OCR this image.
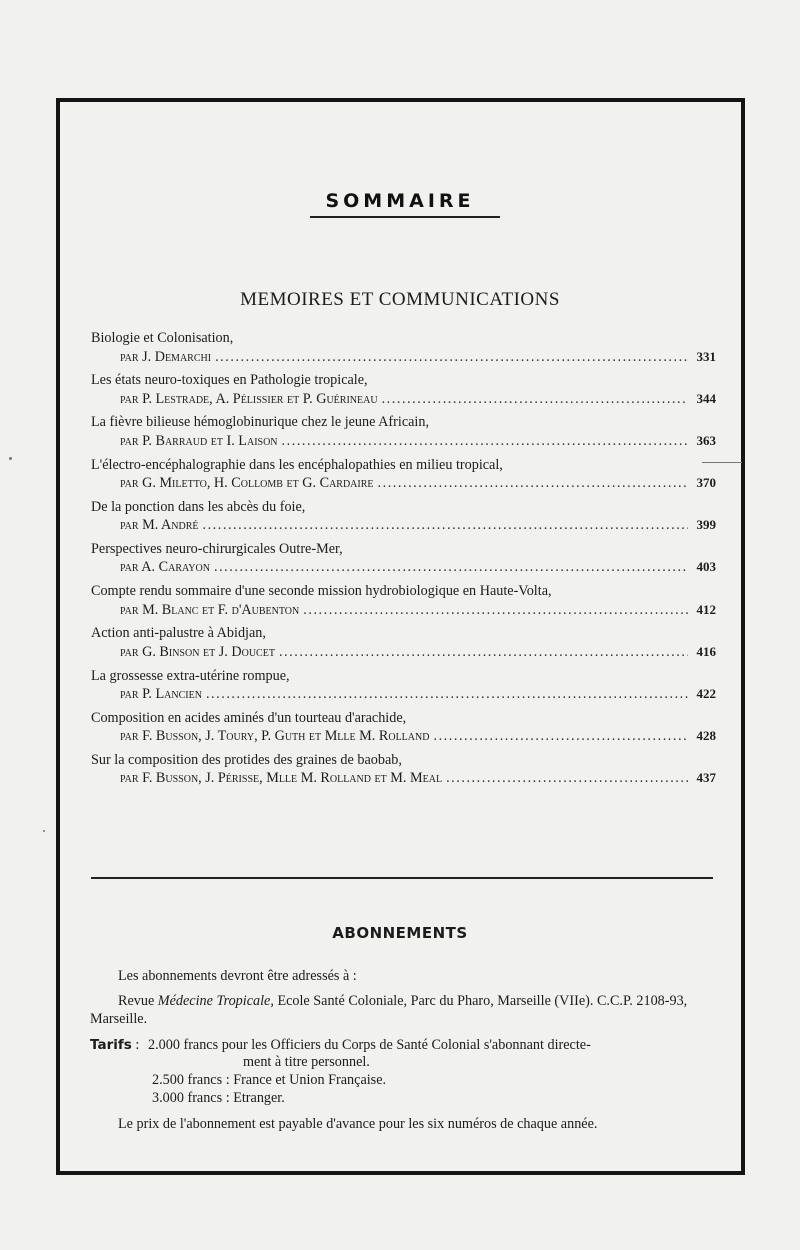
SOMMAIRE
MEMOIRES ET COMMUNICATIONS
Biologie et Colonisation,
par J. Demarchi . . .	331
Les états neuro-toxiques en Pathologie tropicale,
par P. Lestrade, A. Pélissier et P. Guérineau . . .	344
La fièvre bilieuse hémoglobinurique chez le jeune Africain,
par P. Barraud et I. Laison . . .	363
L'électro-encéphalographie dans les encéphalopathies en milieu tropical,
par G. Miletto, H. Collomb et G. Cardaire . . .	370
De la ponction dans les abcès du foie,
par M. André . . .	399
Perspectives neuro-chirurgicales Outre-Mer,
par A. Carayon . . .	403
Compte rendu sommaire d'une seconde mission hydrobiologique en Haute-Volta,
par M. Blanc et F. d'Aubenton . . .	412
Action anti-palustre à Abidjan,
par G. Binson et J. Doucet . . .	416
La grossesse extra-utérine rompue,
par P. Lancien . . .	422
Composition en acides aminés d'un tourteau d'arachide,
par F. Busson, J. Toury, P. Guth et Mlle M. Rolland . . .	428
Sur la composition des protides des graines de baobab,
par F. Busson, J. Périsse, Mlle M. Rolland et M. Meal . . .	437
ABONNEMENTS
Les abonnements devront être adressés à :
Revue Médecine Tropicale, Ecole Santé Coloniale, Parc du Pharo, Marseille (VIIe). C.C.P. 2108-93, Marseille.
Tarifs : 2.000 francs pour les Officiers du Corps de Santé Colonial s'abonnant directe-
ment à titre personnel.
2.500 francs : France et Union Française.
3.000 francs : Etranger.
Le prix de l'abonnement est payable d'avance pour les six numéros de chaque année.
